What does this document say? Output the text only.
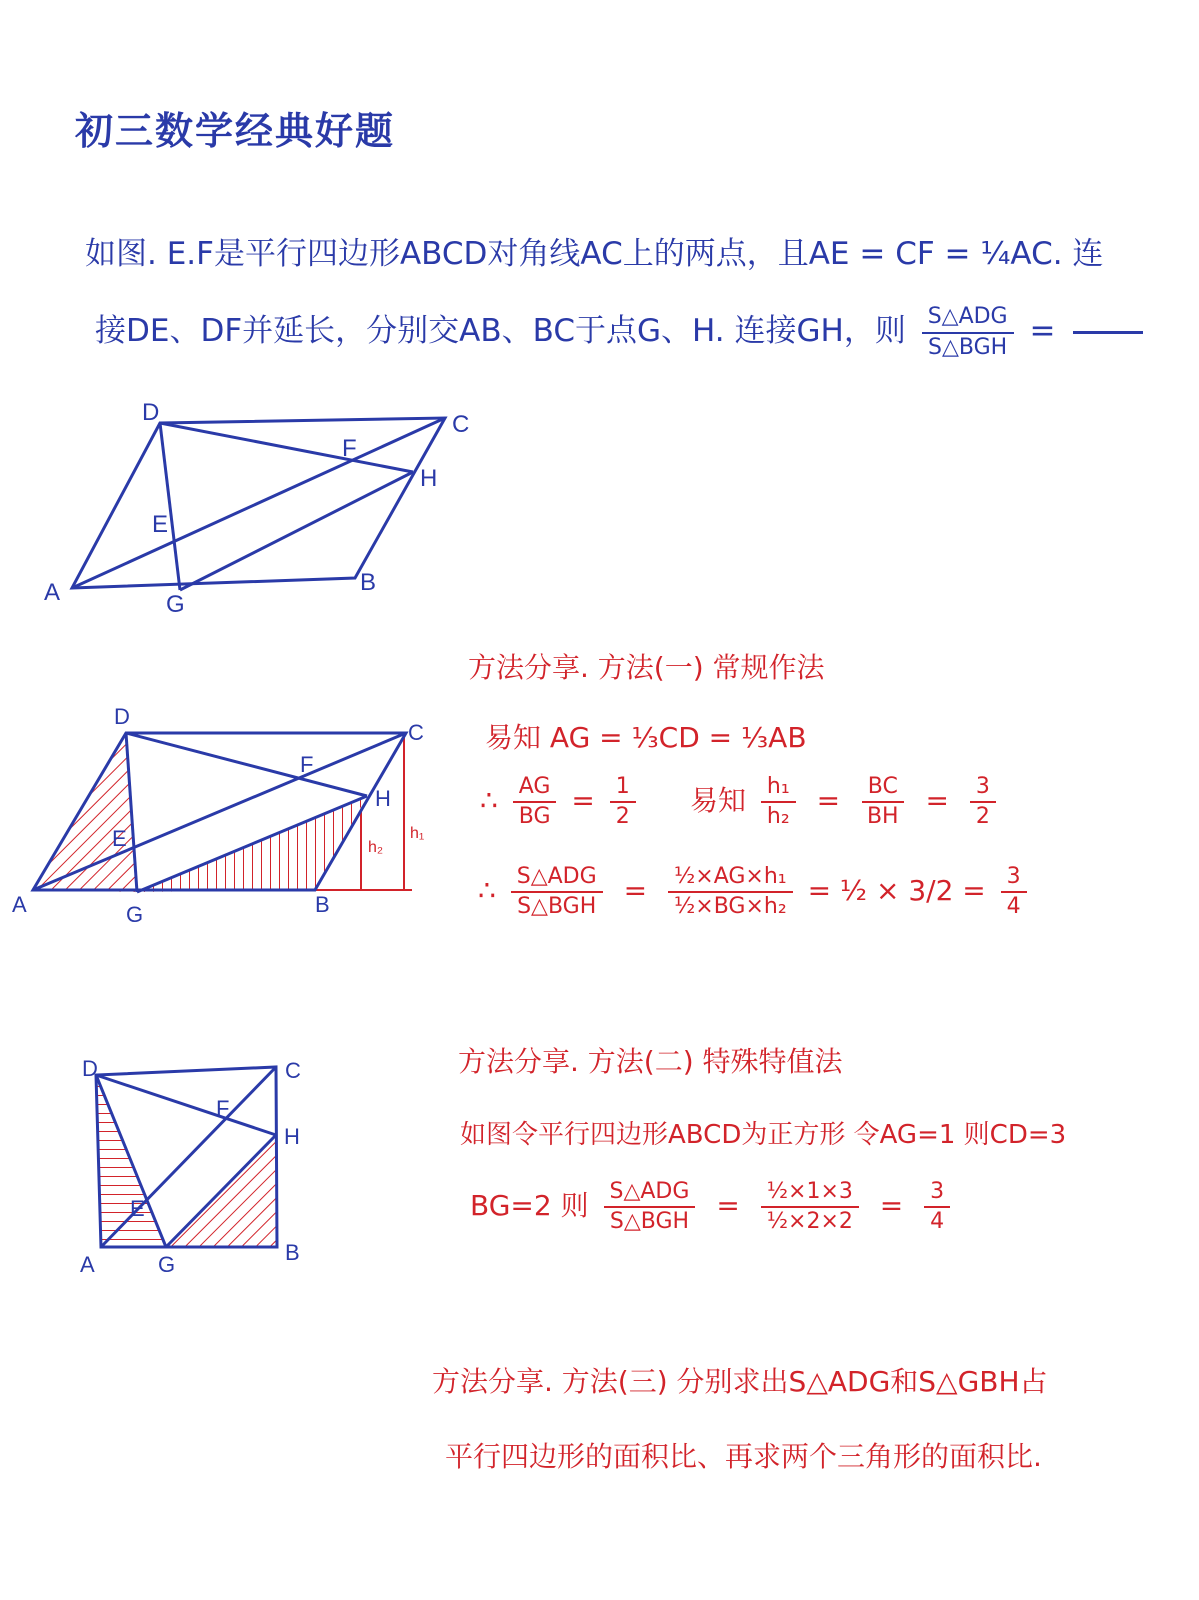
初三数学经典好题
如图. E.F是平行四边形ABCD对角线AC上的两点，且AE = CF = ¼AC. 连
接DE、DF并延长，分别交AB、BC于点G、H. 连接GH，则 $\frac{\text{S△ADG}}{\text{S△BGH}}$ =
A	B
C
D
E
F
G
H
方法分享. 方法(一) 常规作法
易知 AG = ⅓CD = ⅓AB
∴ $\frac{AG}{BG} = \frac{1}{2}$ 易知 $\frac{\text{h₁}}{\text{h₂}} = \frac{BC}{BH} = \frac{3}{2}$
∴ $\frac{\text{S△ADG}}{\text{S△BGH}} = \frac{\text{½×AG×h₁}}{\text{½×BG×h₂}}$ = ½ × $3/2 = \frac{3}{4}$
A	B
C
D
E
F
G
H
h₂
h₁
方法分享. 方法(二) 特殊特值法
如图令平行四边形ABCD为正方形 令AG=1 则CD=3
BG=2 则 $\frac{\text{S△ADG}}{\text{S△BGH}} = \frac{\text{½×1×3}}{\text{½×2×2}} = \frac{3}{4}$
A	B
C
D
E
F
G
H
方法分享. 方法(三) 分别求出S△ADG和S△GBH占
平行四边形的面积比、再求两个三角形的面积比.
